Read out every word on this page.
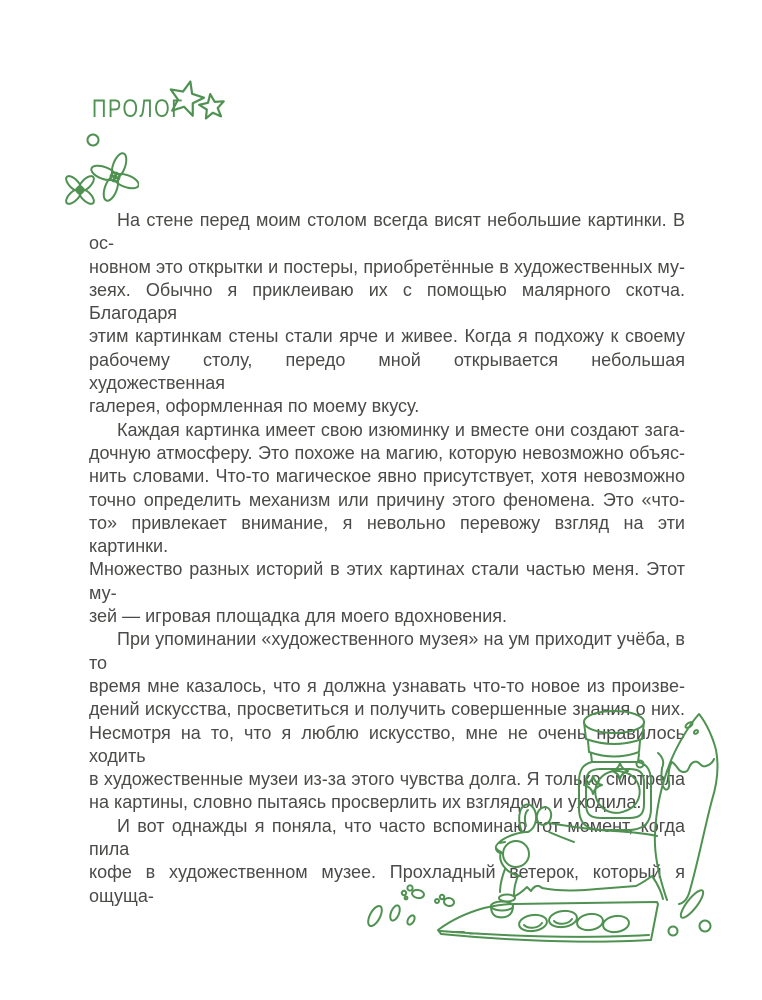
ПРОЛОГ
На стене перед моим столом всегда висят небольшие картинки. В ос-
новном это открытки и постеры, приобретённые в художественных му-
зеях. Обычно я приклеиваю их с помощью малярного скотча. Благодаря
этим картинкам стены стали ярче и живее. Когда я подхожу к своему
рабочему столу, передо мной открывается небольшая художественная
галерея, оформленная по моему вкусу.
Каждая картинка имеет свою изюминку и вместе они создают зага-
дочную атмосферу. Это похоже на магию, которую невозможно объяс-
нить словами. Что-то магическое явно присутствует, хотя невозможно
точно определить механизм или причину этого феномена. Это «что-
то» привлекает внимание, я невольно перевожу взгляд на эти картинки.
Множество разных историй в этих картинах стали частью меня. Этот му-
зей — игровая площадка для моего вдохновения.
При упоминании «художественного музея» на ум приходит учёба, в то
время мне казалось, что я должна узнавать что-то новое из произве-
дений искусства, просветиться и получить совершенные знания о них.
Несмотря на то, что я люблю искусство, мне не очень нравилось ходить
в художественные музеи из-за этого чувства долга. Я только смотрела
на картины, словно пытаясь просверлить их взглядом, и уходила.
И вот однажды я поняла, что часто вспоминаю тот момент, когда пила
кофе в художественном музее. Прохладный ветерок, который я ощуща-
